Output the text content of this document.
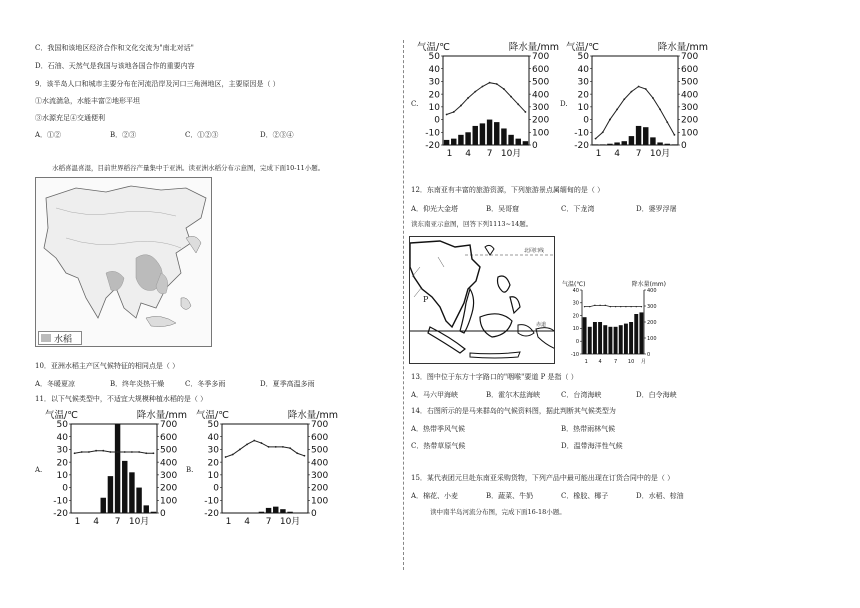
C．我国和该地区经济合作和文化交流为"南北对话"
D．石油、天然气是我国与该地各国合作的重要内容
9．该半岛人口和城市主要分布在河流沿岸及河口三角洲地区，主要原因是（ ）
①水流湍急，水能丰富②地形平坦
③水源充足④交通便利
A．①②	B．②③	C．①②③	D．②③④
水稻喜温喜湿，目前世界稻谷产量集中于亚洲。读亚洲水稻分布示意图，完成下面10-11小题。
水稻
10．亚洲水稻主产区气候特征的相同点是（ ）
A．冬暖夏凉	B．终年炎热干燥	C．冬季多雨	D．夏季高温多雨
11．以下气候类型中，不适宜大规模种植水稻的是（ ）
A.
气温/℃	降水量/mm
-20
-10
0
10
20
30
40
50
0
100
200
300
400
500
600
700
1 4 7 10月
B.
气温/℃	降水量/mm
-20
-10
0
10
20
30
40
50
0
100
200
300
400
500
600
700
1 4 7 10月
C.
气温/℃	降水量/mm
-20
-10
0
10
20
30
40
50
0
100
200
300
400
500
600
700
1 4 7 10月
D.
气温/℃	降水量/mm
-20
-10
0
10
20
30
40
50
0
100
200
300
400
500
600
700
1 4 7 10月
12．东南亚有丰富的旅游资源，下列旅游景点属缅甸的是（ ）
A．仰光大金塔	B．吴哥窟	C．下龙湾	D．婆罗浮屠
读东南亚示意图，回答下列1113~14题。
北回归线
赤道
P
气温(℃)	降水量(mm)
-10
0
10
20
30
40
0
100
200
300
400
1 4 7 10 月
13．图中位于东方十字路口的"咽喉"要道 P 是指（ ）
A．马六甲海峡	B．霍尔木兹海峡	C．台湾海峡	D．白令海峡
14．右图所示的是马来群岛的气候资料图，据此判断其气候类型为
A．热带季风气候	B．热带雨林气候
C．热带草原气候	D．温带海洋性气候
15．某代表团元旦赴东南亚采购货物，下列产品中最可能出现在订货合同中的是（ ）
A．棉花、小麦	B．蔬菜、牛奶	C．橡胶、椰子	D．水稻、棕油
读中南半岛河流分布图，完成下面16-18小题。
